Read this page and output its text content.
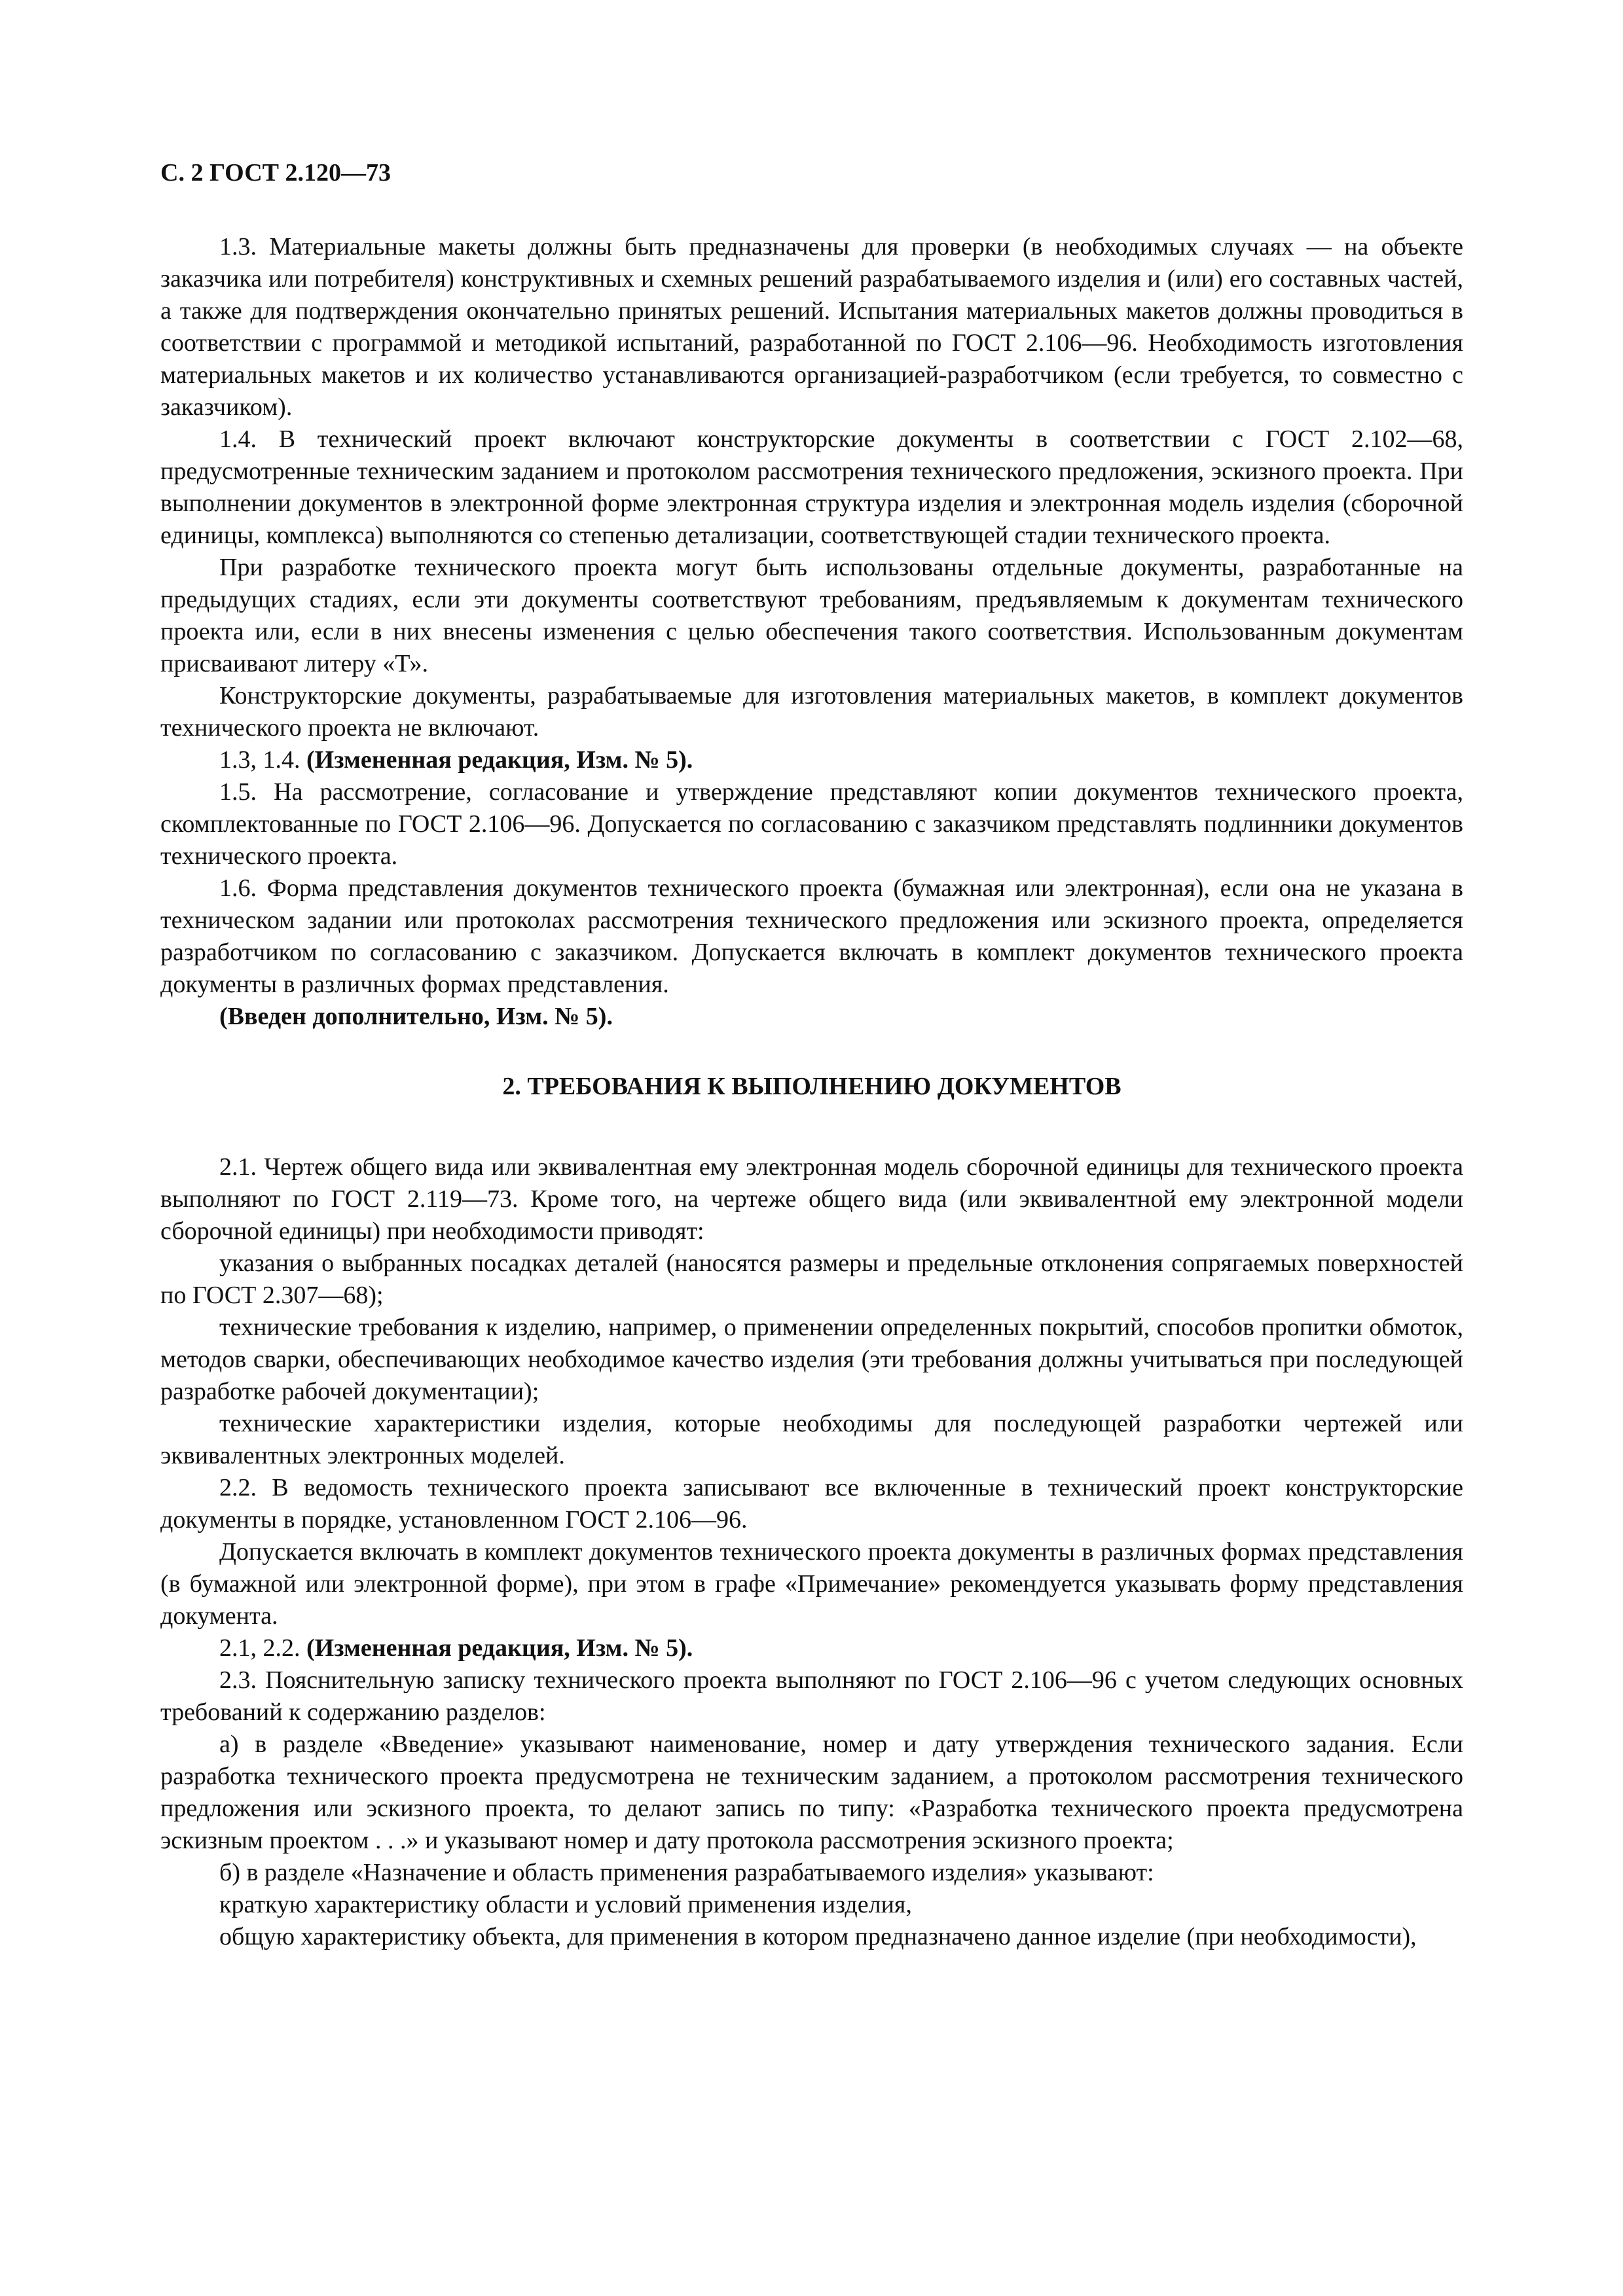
С. 2 ГОСТ 2.120—73

1.3. Материальные макеты должны быть предназначены для проверки (в необходимых случаях — на объекте заказчика или потребителя) конструктивных и схемных решений разрабатываемого изделия и (или) его составных частей, а также для подтверждения окончательно принятых решений. Испытания материальных макетов должны проводиться в соответствии с программой и методикой испытаний, разработанной по ГОСТ 2.106—96. Необходимость изготовления материальных макетов и их количество устанавливаются организацией-разработчиком (если требуется, то совместно с заказчиком).

1.4. В технический проект включают конструкторские документы в соответствии с ГОСТ 2.102—68, предусмотренные техническим заданием и протоколом рассмотрения технического предложения, эскизного проекта. При выполнении документов в электронной форме электронная структура изделия и электронная модель изделия (сборочной единицы, комплекса) выполняются со степенью детализации, соответствующей стадии технического проекта.

При разработке технического проекта могут быть использованы отдельные документы, разработанные на предыдущих стадиях, если эти документы соответствуют требованиям, предъявляемым к документам технического проекта или, если в них внесены изменения с целью обеспечения такого соответствия. Использованным документам присваивают литеру «Т».

Конструкторские документы, разрабатываемые для изготовления материальных макетов, в комплект документов технического проекта не включают.

1.3, 1.4. (Измененная редакция, Изм. № 5).

1.5. На рассмотрение, согласование и утверждение представляют копии документов технического проекта, скомплектованные по ГОСТ 2.106—96. Допускается по согласованию с заказчиком представлять подлинники документов технического проекта.

1.6. Форма представления документов технического проекта (бумажная или электронная), если она не указана в техническом задании или протоколах рассмотрения технического предложения или эскизного проекта, определяется разработчиком по согласованию с заказчиком. Допускается включать в комплект документов технического проекта документы в различных формах представления.

(Введен дополнительно, Изм. № 5).

2. ТРЕБОВАНИЯ К ВЫПОЛНЕНИЮ ДОКУМЕНТОВ

2.1. Чертеж общего вида или эквивалентная ему электронная модель сборочной единицы для технического проекта выполняют по ГОСТ 2.119—73. Кроме того, на чертеже общего вида (или эквивалентной ему электронной модели сборочной единицы) при необходимости приводят:

указания о выбранных посадках деталей (наносятся размеры и предельные отклонения сопрягаемых поверхностей по ГОСТ 2.307—68);

технические требования к изделию, например, о применении определенных покрытий, способов пропитки обмоток, методов сварки, обеспечивающих необходимое качество изделия (эти требования должны учитываться при последующей разработке рабочей документации);

технические характеристики изделия, которые необходимы для последующей разработки чертежей или эквивалентных электронных моделей.

2.2. В ведомость технического проекта записывают все включенные в технический проект конструкторские документы в порядке, установленном ГОСТ 2.106—96.

Допускается включать в комплект документов технического проекта документы в различных формах представления (в бумажной или электронной форме), при этом в графе «Примечание» рекомендуется указывать форму представления документа.

2.1, 2.2. (Измененная редакция, Изм. № 5).

2.3. Пояснительную записку технического проекта выполняют по ГОСТ 2.106—96 с учетом следующих основных требований к содержанию разделов:

а) в разделе «Введение» указывают наименование, номер и дату утверждения технического задания. Если разработка технического проекта предусмотрена не техническим заданием, а протоколом рассмотрения технического предложения или эскизного проекта, то делают запись по типу: «Разработка технического проекта предусмотрена эскизным проектом . . .» и указывают номер и дату протокола рассмотрения эскизного проекта;

б) в разделе «Назначение и область применения разрабатываемого изделия» указывают:

краткую характеристику области и условий применения изделия,

общую характеристику объекта, для применения в котором предназначено данное изделие (при необходимости),
